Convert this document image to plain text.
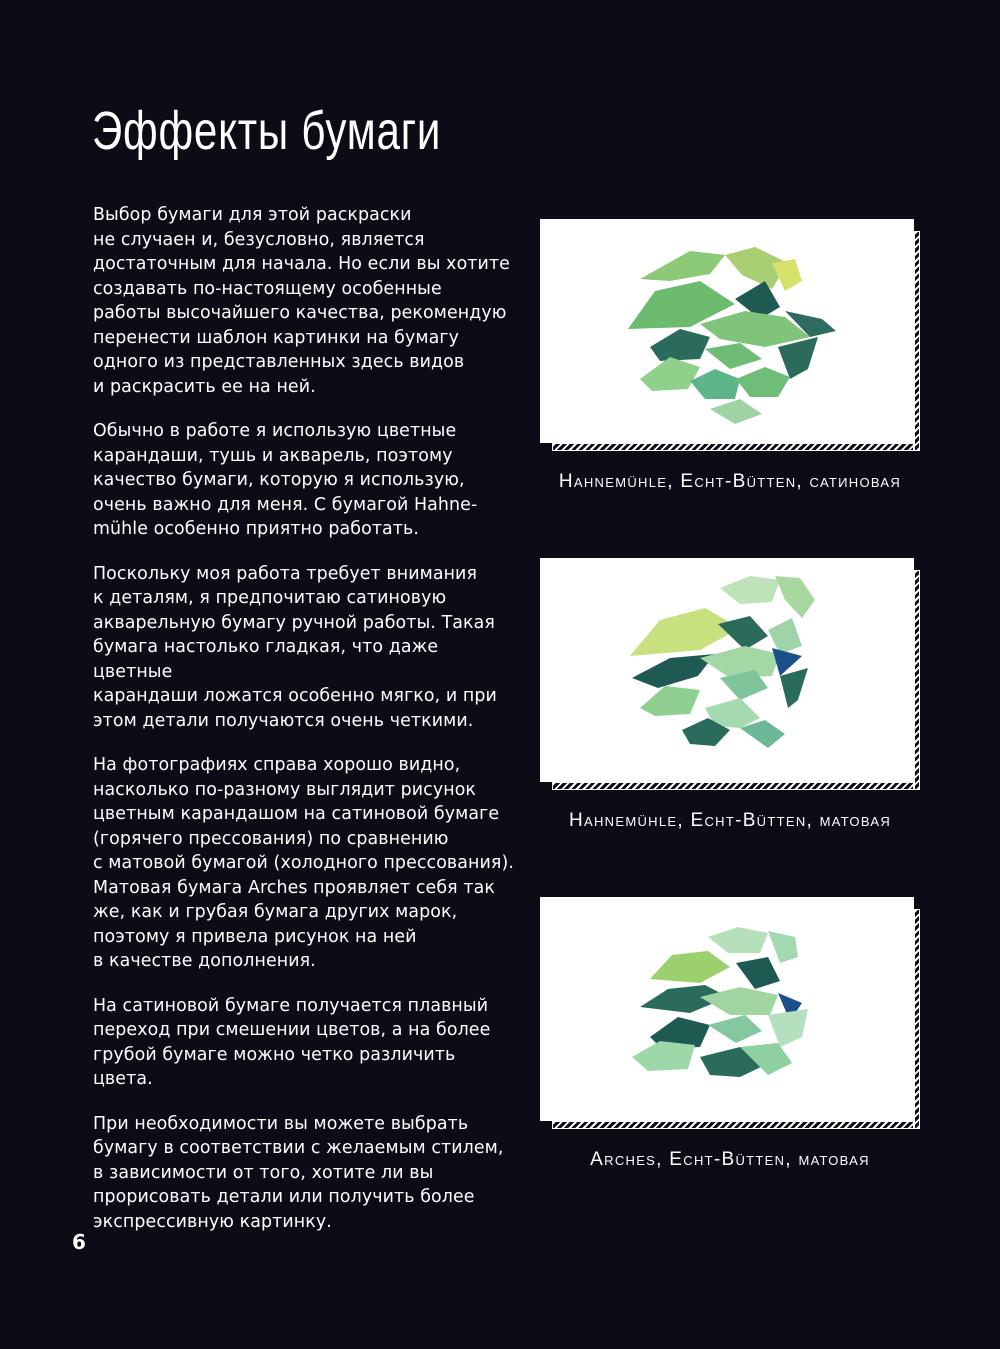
Эффекты бумаги

Выбор бумаги для этой раскраски
не случаен и, безусловно, является
достаточным для начала. Но если вы хотите
создавать по-настоящему особенные
работы высочайшего качества, рекомендую
перенести шаблон картинки на бумагу
одного из представленных здесь видов
и раскрасить ее на ней.

Обычно в работе я использую цветные
карандаши, тушь и акварель, поэтому
качество бумаги, которую я использую,
очень важно для меня. С бумагой Hahne-
mühle особенно приятно работать.

Поскольку моя работа требует внимания
к деталям, я предпочитаю сатиновую
акварельную бумагу ручной работы. Такая
бумага настолько гладкая, что даже цветные
карандаши ложатся особенно мягко, и при
этом детали получаются очень четкими.

На фотографиях справа хорошо видно,
насколько по-разному выглядит рисунок
цветным карандашом на сатиновой бумаге
(горячего прессования) по сравнению
с матовой бумагой (холодного прессования).
Матовая бумага Arches проявляет себя так
же, как и грубая бумага других марок,
поэтому я привела рисунок на ней
в качестве дополнения.

На сатиновой бумаге получается плавный
переход при смешении цветов, а на более
грубой бумаге можно четко различить
цвета.

При необходимости вы можете выбрать
бумагу в соответствии с желаемым стилем,
в зависимости от того, хотите ли вы
прорисовать детали или получить более
экспрессивную картинку.

Hahnemühle, Echt-Bütten, сатиновая
Hahnemühle, Echt-Bütten, матовая
Arches, Echt-Bütten, матовая
6
